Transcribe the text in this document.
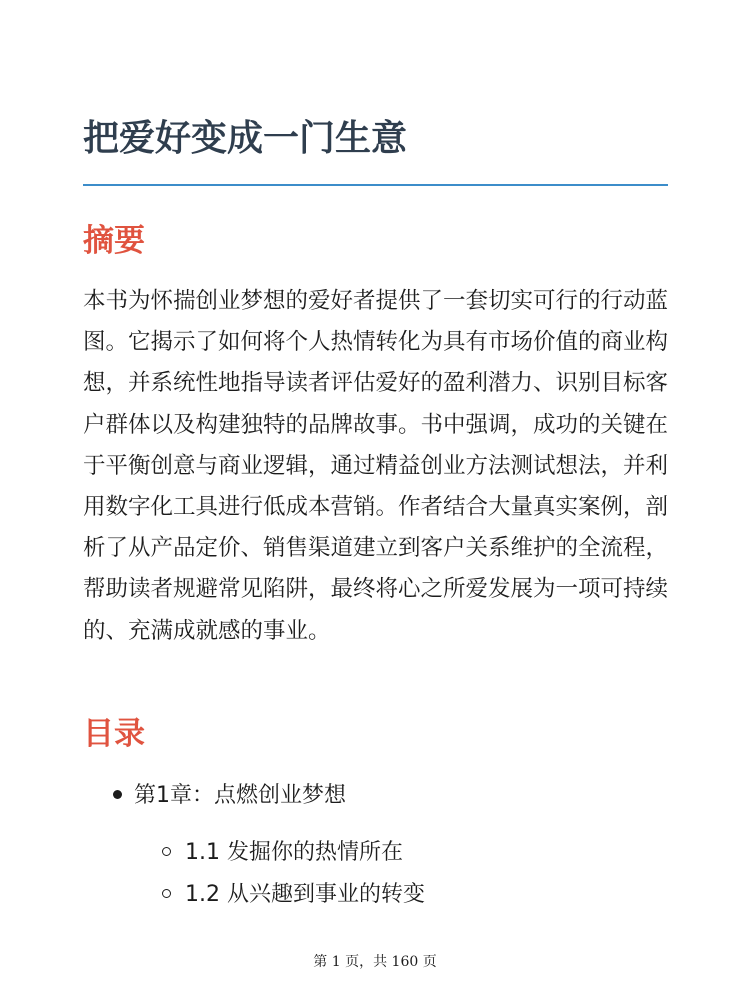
把爱好变成一门生意
摘要

本书为怀揣创业梦想的爱好者提供了一套切实可行的行动蓝图。它揭示了如何将个人热情转化为具有市场价值的商业构想，并系统性地指导读者评估爱好的盈利潜力、识别目标客户群体以及构建独特的品牌故事。书中强调，成功的关键在于平衡创意与商业逻辑，通过精益创业方法测试想法，并利用数字化工具进行低成本营销。作者结合大量真实案例，剖析了从产品定价、销售渠道建立到客户关系维护的全流程，帮助读者规避常见陷阱，最终将心之所爱发展为一项可持续的、充满成就感的事业。

目录
第1章：点燃创业梦想
1.1 发掘你的热情所在
1.2 从兴趣到事业的转变
第 1 页，共 160 页
